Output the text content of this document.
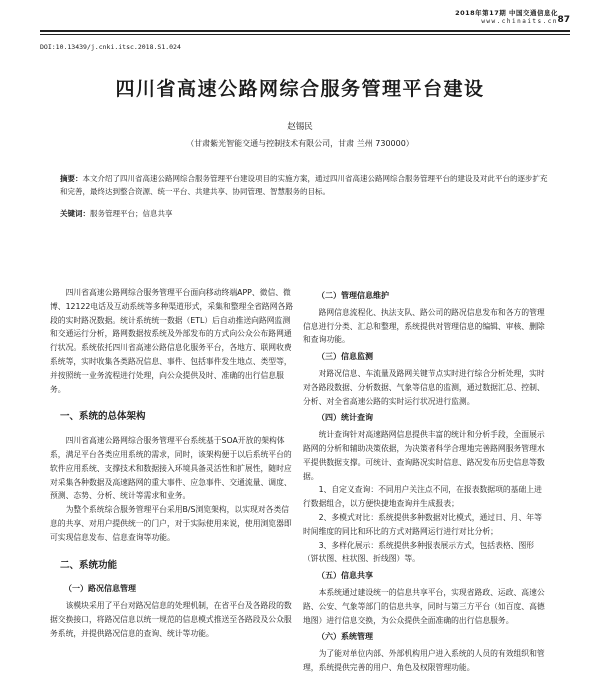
2018年第17期 中国交通信息化
www.chinaits.cn 87
DOI:10.13439/j.cnki.itsc.2018.S1.024
四川省高速公路网综合服务管理平台建设
赵锡民
（甘肃紫光智能交通与控制技术有限公司，甘肃 兰州 730000）
摘要：本文介绍了四川省高速公路网综合服务管理平台建设项目的实施方案，通过四川省高速公路网综合服务管理平台的建设及对此平台的逐步扩充和完善，最终达到整合资源、统一平台、共建共享、协同管理、智慧服务的目标。
关键词：服务管理平台；信息共享

四川省高速公路网综合服务管理平台面向移动终端APP、微信、微博、12122电话及互动系统等多种渠道形式，采集和整理全省路网各路段的实时路况数据。统计系统统一数据（ETL）后自动推送向路网监测和交通运行分析，路网数据按系统及外部发布的方式向公众公布路网通行状况。系统依托四川省高速公路信息化服务平台，各地方、联网收费系统等，实时收集各类路况信息、事件、包括事件发生地点、类型等，并按照统一业务流程进行处理，向公众提供及时、准确的出行信息服务。

一、系统的总体架构

四川省高速公路网综合服务管理平台系统基于SOA开放的架构体系，满足平台各类应用系统的需求，同时，该架构便于以后系统平台的软件应用系统、支撑技术和数据接入环境具备灵活性和扩展性，随时应对采集各种数据及高速路网的重大事件、应急事件、交通流量、调度、预测、态势、分析、统计等需求和业务。

为整个系统综合服务管理平台采用B/S浏览架构，以实现对各类信息的共享、对用户提供统一的门户，对于实际使用来说，使用浏览器即可实现信息发布、信息查询等功能。

二、系统功能
（一）路况信息管理

该模块采用了平台对路况信息的处理机制，在省平台及各路段的数据交换接口，将路况信息以统一规范的信息模式推送至各路段及公众服务系统，并提供路况信息的查询、统计等功能。

（二）管理信息维护

路网信息流程化、执法支队、路公司的路况信息发布和各方的管理信息进行分类、汇总和整理，系统提供对管理信息的编辑、审核、删除和查询功能。

（三）信息监测

对路况信息、车流量及路网关键节点实时进行综合分析处理，实时对各路段数据、分析数据、气象等信息的监测，通过数据汇总、控制、分析、对全省高速公路的实时运行状况进行监测。

（四）统计查询

统计查询针对高速路网信息提供丰富的统计和分析手段，全面展示路网的分析和辅助决策依据，为决策者科学合理地完善路网服务管理水平提供数据支撑。可统计、查询路况实时信息、路况发布历史信息等数据。

1、自定义查询：不同用户关注点不同，在报表数据项的基础上进行数据组合，以方便快捷地查询并生成报表；

2、多模式对比：系统提供多种数据对比模式，通过日、月、年等时间维度的同比和环比的方式对路网运行进行对比分析；

3、多样化展示：系统提供多种报表展示方式，包括表格、图形（饼状图、柱状图、折线图）等。

（五）信息共享

本系统通过建设统一的信息共享平台，实现省路政、运政、高速公路、公安、气象等部门的信息共享，同时与第三方平台（如百度、高德地图）进行信息交换，为公众提供全面准确的出行信息服务。

（六）系统管理

为了能对单位内部、外部机构用户进入系统的人员的有效组织和管理，系统提供完善的用户、角色及权限管理功能。
